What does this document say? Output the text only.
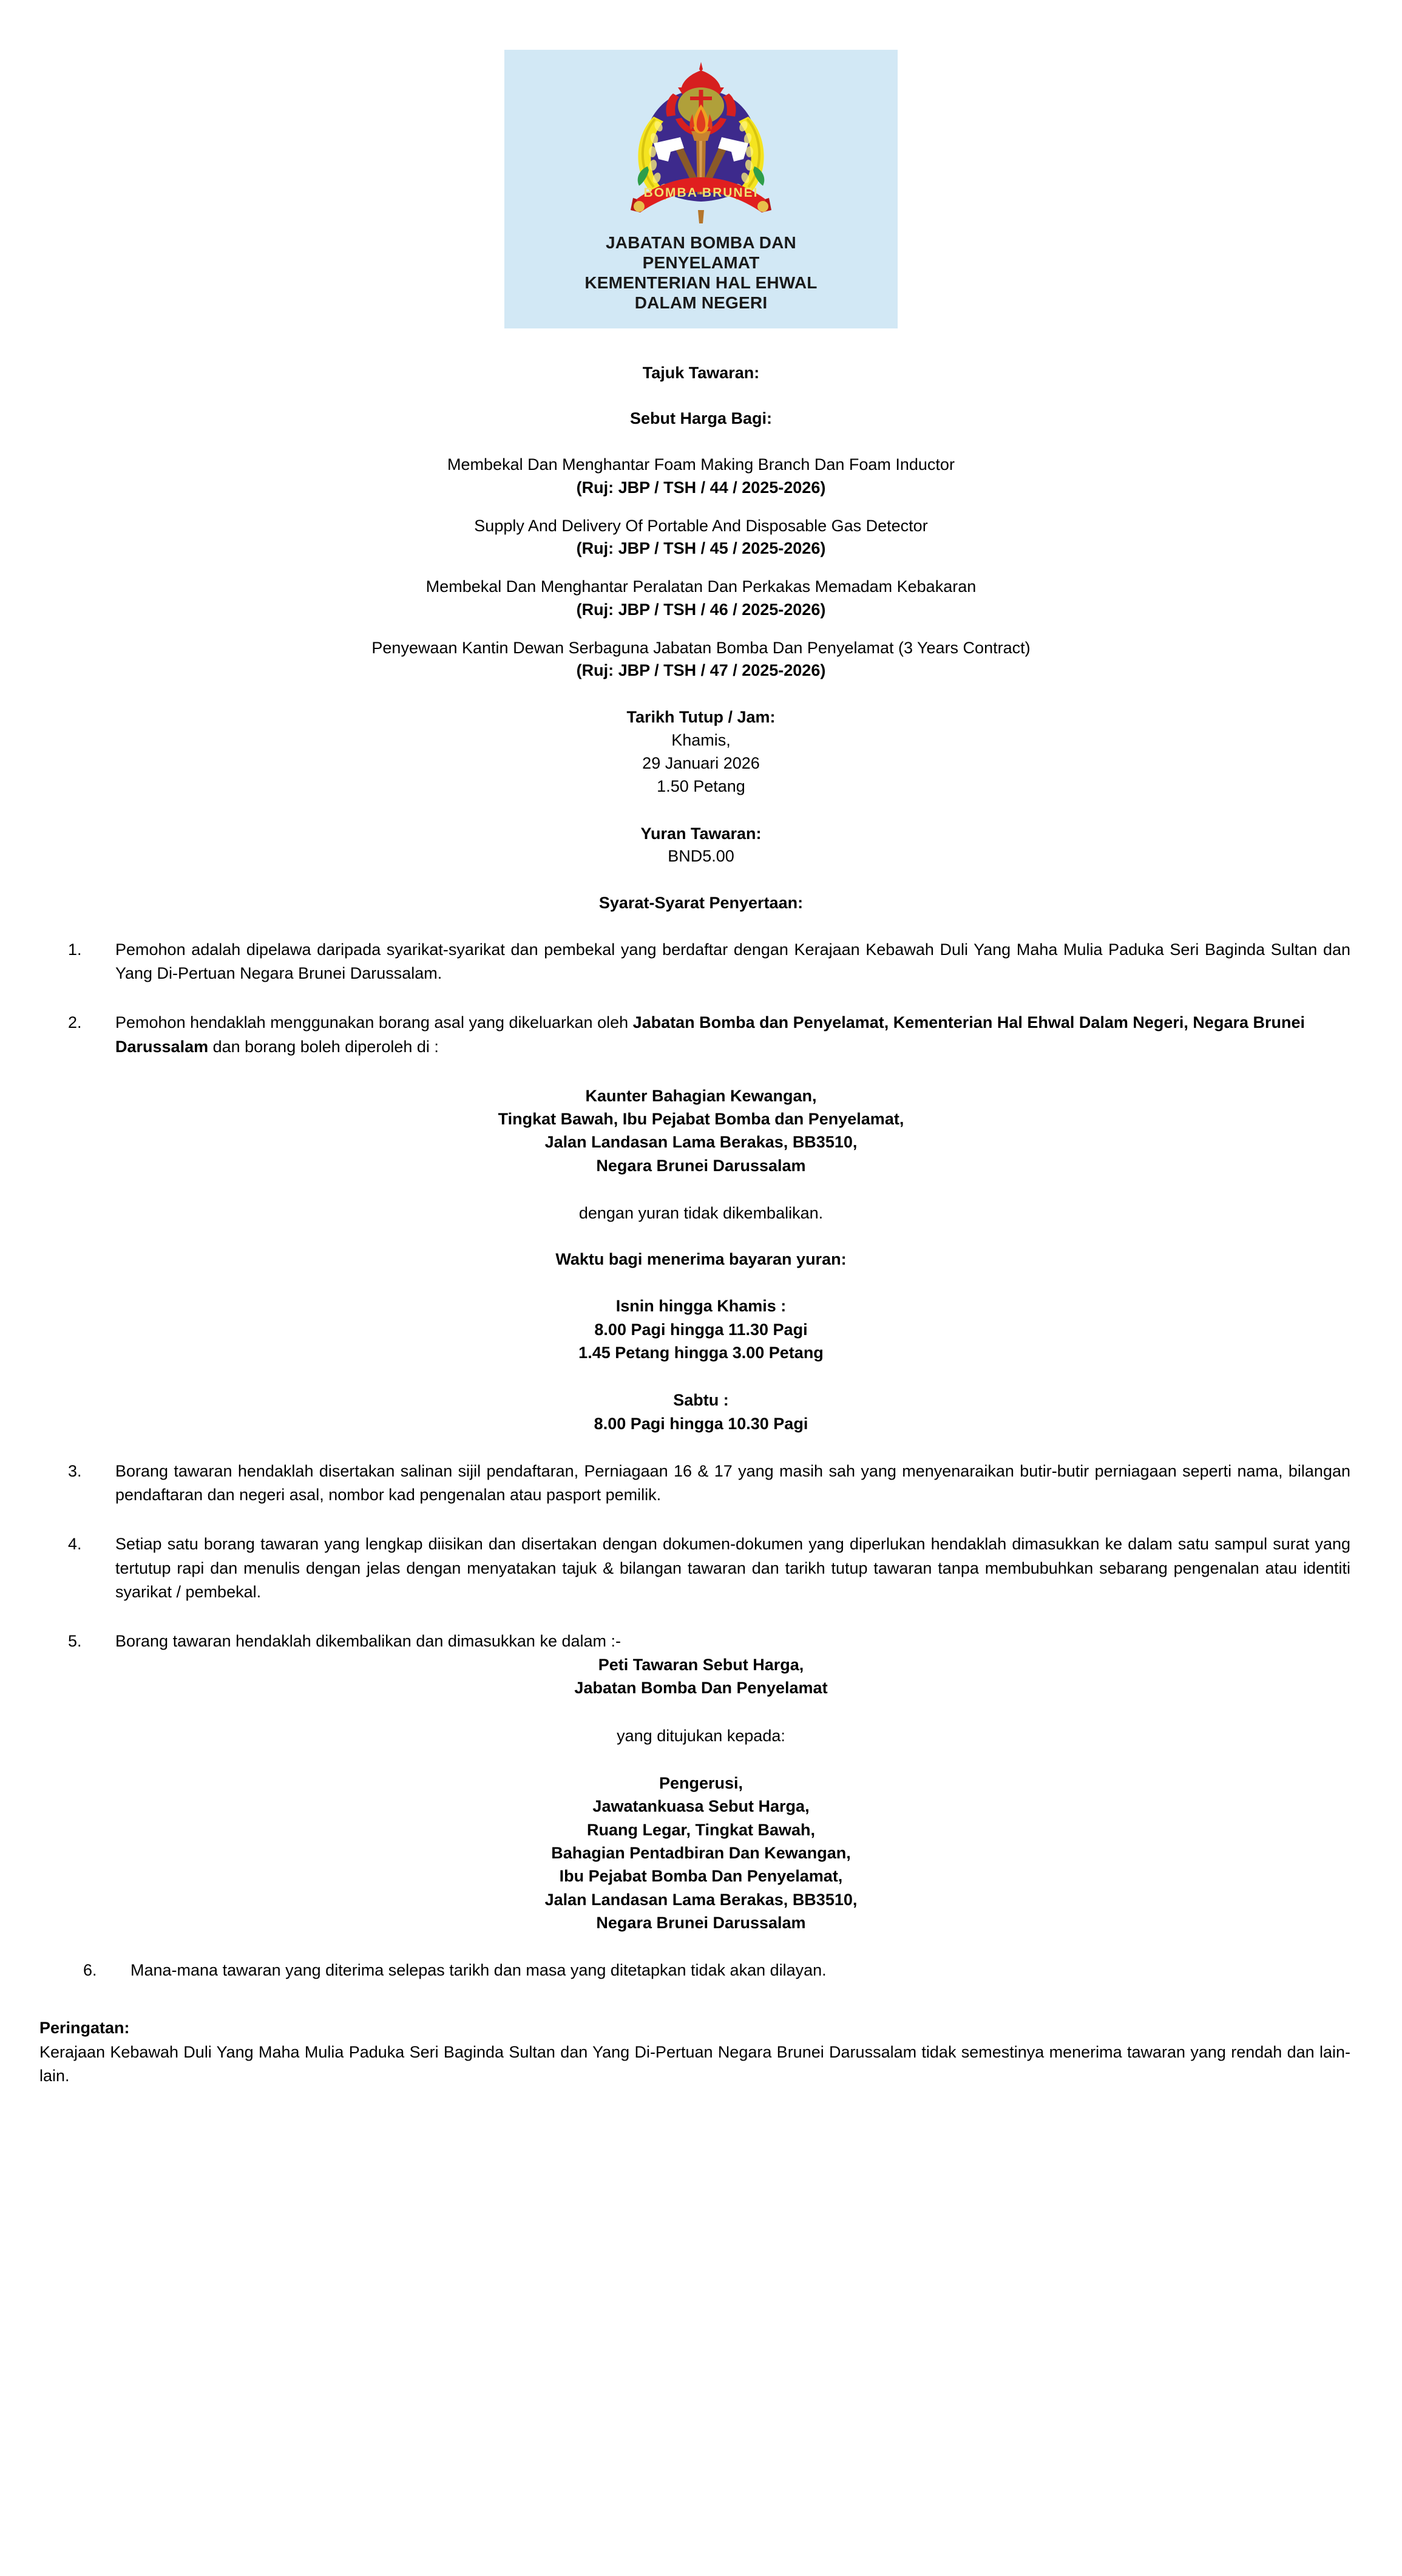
BOMBA BRUNEI
JABATAN BOMBA DAN
PENYELAMAT
KEMENTERIAN HAL EHWAL
DALAM NEGERI
Tajuk Tawaran:
Sebut Harga Bagi:
Membekal Dan Menghantar Foam Making Branch Dan Foam Inductor
(Ruj: JBP / TSH / 44 / 2025-2026)
Supply And Delivery Of Portable And Disposable Gas Detector
(Ruj: JBP / TSH / 45 / 2025-2026)
Membekal Dan Menghantar Peralatan Dan Perkakas Memadam Kebakaran
(Ruj: JBP / TSH / 46 / 2025-2026)
Penyewaan Kantin Dewan Serbaguna Jabatan Bomba Dan Penyelamat (3 Years Contract)
(Ruj: JBP / TSH / 47 / 2025-2026)
Tarikh Tutup / Jam:
Khamis,
29 Januari 2026
1.50 Petang
Yuran Tawaran:
BND5.00
Syarat-Syarat Penyertaan:
1.	Pemohon adalah dipelawa daripada syarikat-syarikat dan pembekal yang berdaftar dengan Kerajaan Kebawah Duli Yang Maha Mulia Paduka Seri Baginda Sultan dan Yang Di-Pertuan Negara Brunei Darussalam.
2.	Pemohon hendaklah menggunakan borang asal yang dikeluarkan oleh Jabatan Bomba dan Penyelamat, Kementerian Hal Ehwal Dalam Negeri, Negara Brunei Darussalam dan borang boleh diperoleh di :
Kaunter Bahagian Kewangan,
Tingkat Bawah, Ibu Pejabat Bomba dan Penyelamat,
Jalan Landasan Lama Berakas, BB3510,
Negara Brunei Darussalam
dengan yuran tidak dikembalikan.
Waktu bagi menerima bayaran yuran:
Isnin hingga Khamis :
8.00 Pagi hingga 11.30 Pagi
1.45 Petang hingga 3.00 Petang
Sabtu :
8.00 Pagi hingga 10.30 Pagi
3.	Borang tawaran hendaklah disertakan salinan sijil pendaftaran, Perniagaan 16 & 17 yang masih sah yang menyenaraikan butir-butir perniagaan seperti nama, bilangan pendaftaran dan negeri asal, nombor kad pengenalan atau pasport pemilik.
4.	Setiap satu borang tawaran yang lengkap diisikan dan disertakan dengan dokumen-dokumen yang diperlukan hendaklah dimasukkan ke dalam satu sampul surat yang tertutup rapi dan menulis dengan jelas dengan menyatakan tajuk & bilangan tawaran dan tarikh tutup tawaran tanpa membubuhkan sebarang pengenalan atau identiti syarikat / pembekal.
5.	Borang tawaran hendaklah dikembalikan dan dimasukkan ke dalam :-
Peti Tawaran Sebut Harga,
Jabatan Bomba Dan Penyelamat
yang ditujukan kepada:
Pengerusi,
Jawatankuasa Sebut Harga,
Ruang Legar, Tingkat Bawah,
Bahagian Pentadbiran Dan Kewangan,
Ibu Pejabat Bomba Dan Penyelamat,
Jalan Landasan Lama Berakas, BB3510,
Negara Brunei Darussalam
6.	Mana-mana tawaran yang diterima selepas tarikh dan masa yang ditetapkan tidak akan dilayan.
Peringatan:
Kerajaan Kebawah Duli Yang Maha Mulia Paduka Seri Baginda Sultan dan Yang Di-Pertuan Negara Brunei Darussalam tidak semestinya menerima tawaran yang rendah dan lain-lain.
